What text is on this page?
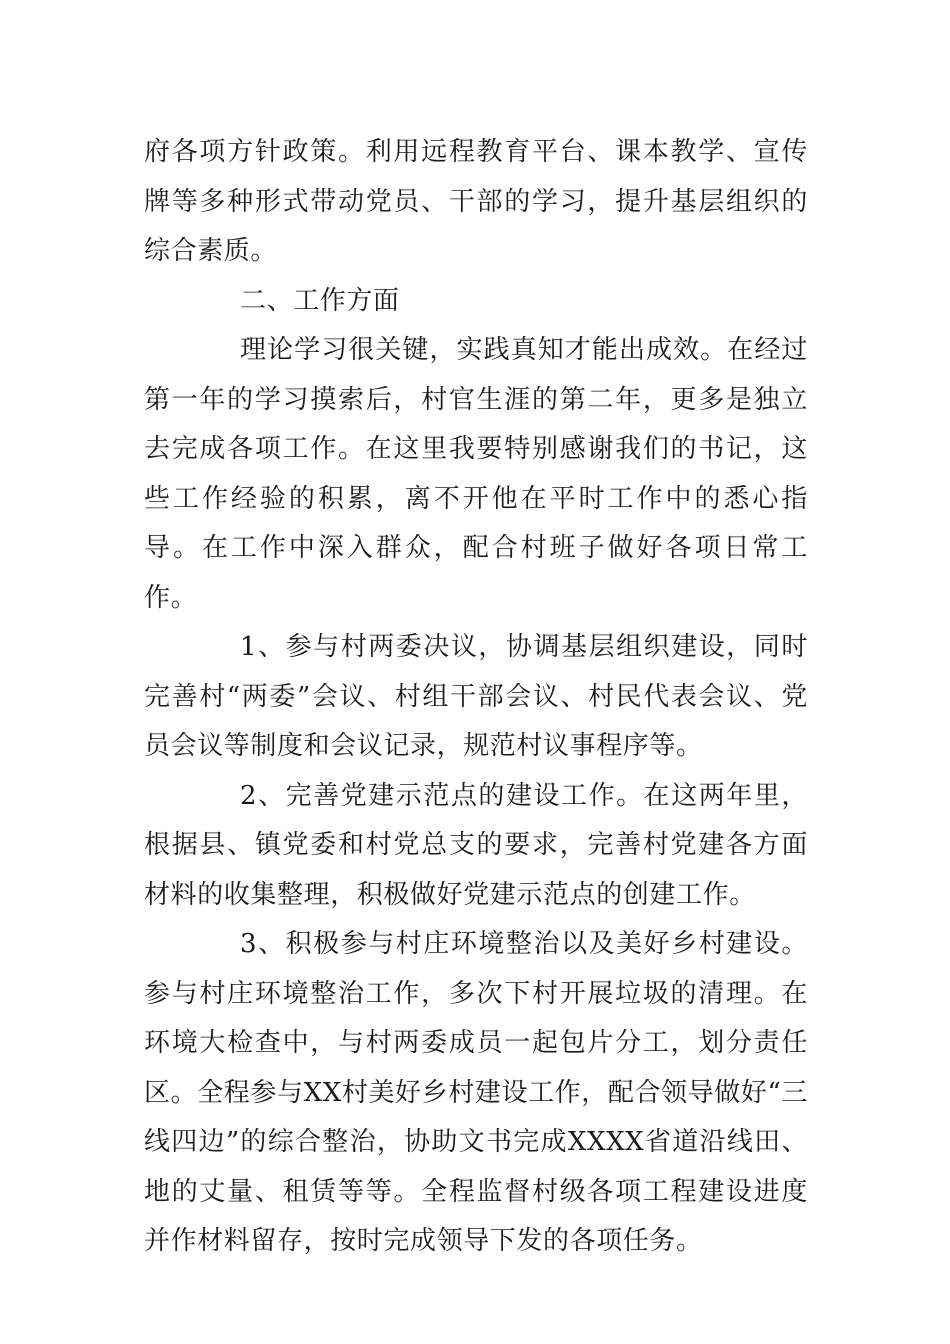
府各项方针政策。利用远程教育平台、课本教学、宣传牌等多种形式带动党员、干部的学习，提升基层组织的综合素质。

二、工作方面

理论学习很关键，实践真知才能出成效。在经过第一年的学习摸索后，村官生涯的第二年，更多是独立去完成各项工作。在这里我要特别感谢我们的书记，这些工作经验的积累，离不开他在平时工作中的悉心指导。在工作中深入群众，配合村班子做好各项日常工作。

1、参与村两委决议，协调基层组织建设，同时完善村“两委”会议、村组干部会议、村民代表会议、党员会议等制度和会议记录，规范村议事程序等。

2、完善党建示范点的建设工作。在这两年里，根据县、镇党委和村党总支的要求，完善村党建各方面材料的收集整理，积极做好党建示范点的创建工作。

3、积极参与村庄环境整治以及美好乡村建设。参与村庄环境整治工作，多次下村开展垃圾的清理。在环境大检查中，与村两委成员一起包片分工，划分责任区。全程参与XX村美好乡村建设工作，配合领导做好“三线四边”的综合整治，协助文书完成XXXX省道沿线田、地的丈量、租赁等等。全程监督村级各项工程建设进度并作材料留存，按时完成领导下发的各项任务。
